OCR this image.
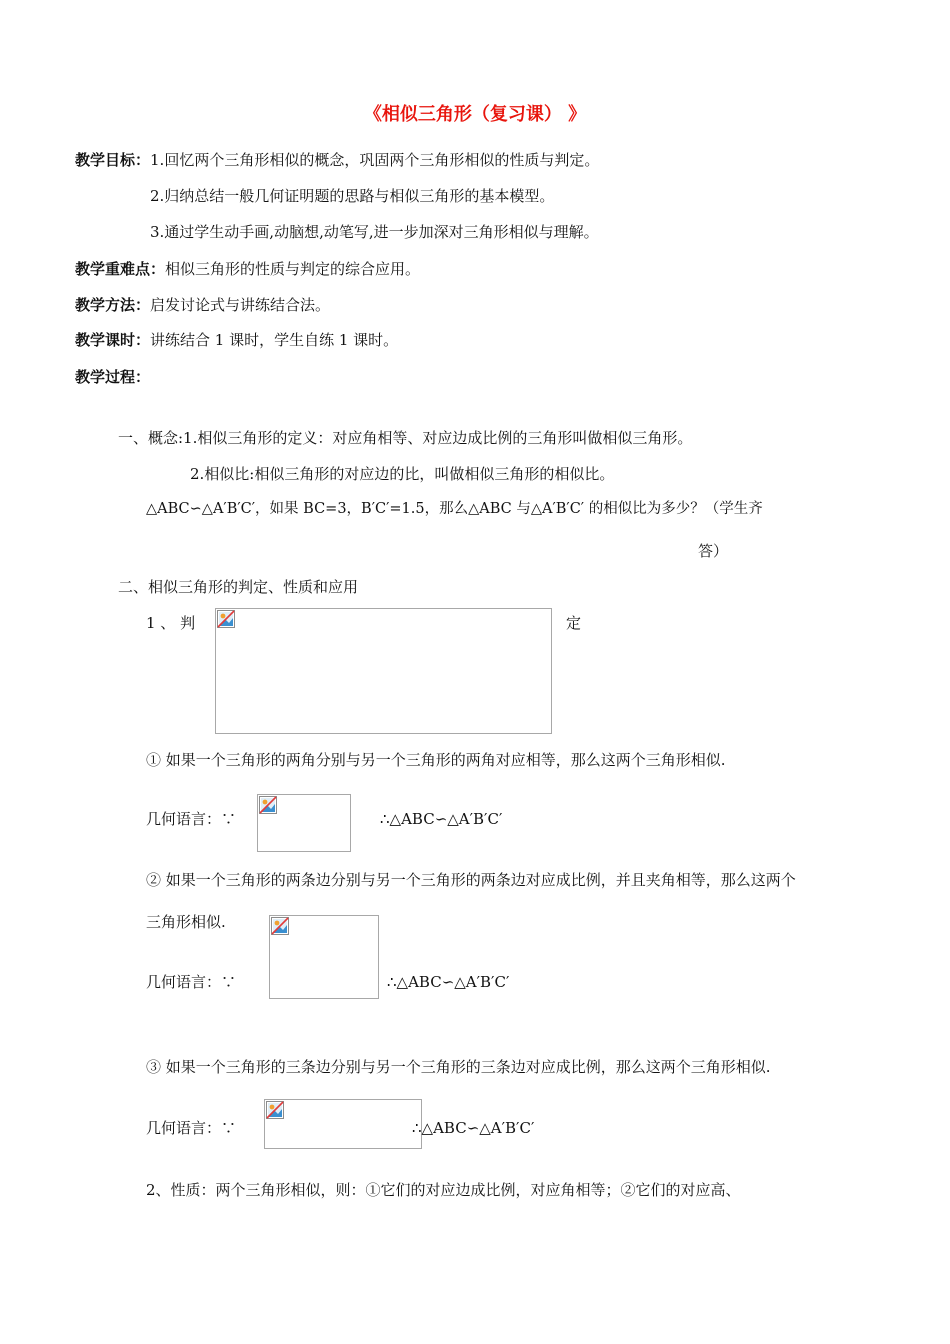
《相似三角形（复习课） 》
教学目标：1.回忆两个三角形相似的概念，巩固两个三角形相似的性质与判定。
2.归纳总结一般几何证明题的思路与相似三角形的基本模型。
3.通过学生动手画,动脑想,动笔写,进一步加深对三角形相似与理解。
教学重难点：相似三角形的性质与判定的综合应用。
教学方法：启发讨论式与讲练结合法。
教学课时：讲练结合 1 课时，学生自练 1 课时。
教学过程：
一、概念:1.相似三角形的定义：对应角相等、对应边成比例的三角形叫做相似三角形。
2.相似比:相似三角形的对应边的比，叫做相似三角形的相似比。
△ABC∽△A′B′C′，如果 BC=3，B′C′=1.5，那么△ABC 与△A′B′C′ 的相似比为多少？（学生齐
答）
二、相似三角形的判定、性质和应用
1 、 判	定
① 如果一个三角形的两角分别与另一个三角形的两角对应相等，那么这两个三角形相似.
几何语言：∵	∴△ABC∽△A′B′C′
② 如果一个三角形的两条边分别与另一个三角形的两条边对应成比例，并且夹角相等，那么这两个
三角形相似.
几何语言：∵	∴△ABC∽△A′B′C′
③ 如果一个三角形的三条边分别与另一个三角形的三条边对应成比例，那么这两个三角形相似.
几何语言：∵	∴△ABC∽△A′B′C′
2、性质：两个三角形相似，则：①它们的对应边成比例，对应角相等；②它们的对应高、
